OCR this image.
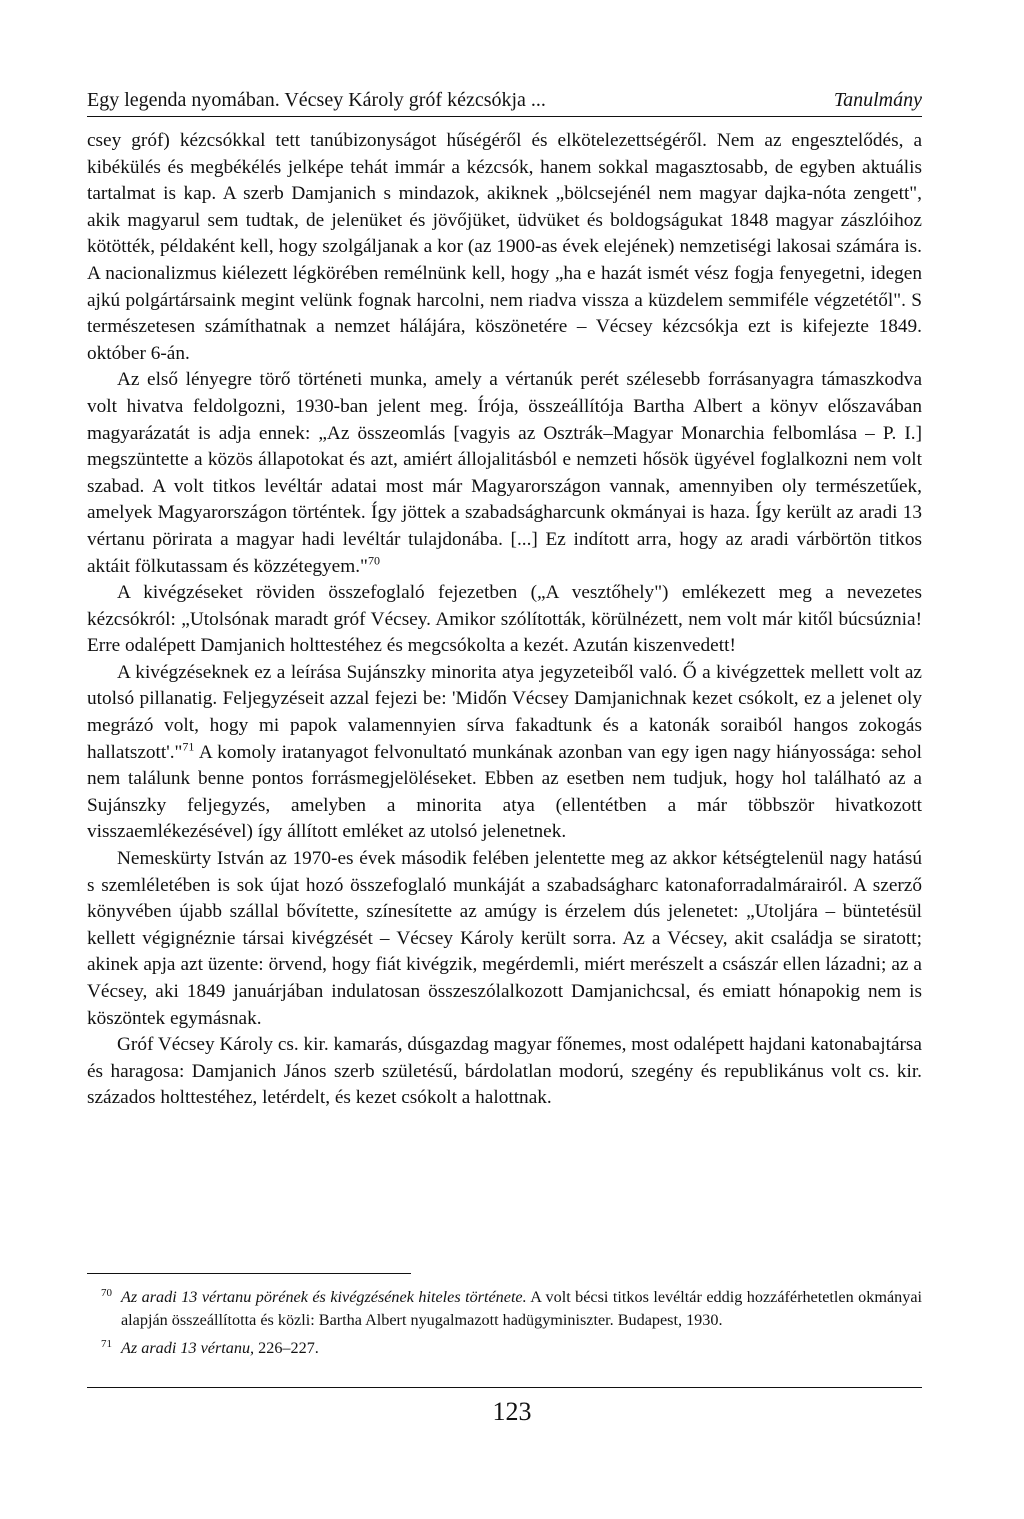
Egy legenda nyomában. Vécsey Károly gróf kézcsókja ...	Tanulmány

csey gróf) kézcsókkal tett tanúbizonyságot hűségéről és elkötelezettségéről. Nem az engesztelődés, a kibékülés és megbékélés jelképe tehát immár a kézcsók, hanem sokkal magasztosabb, de egyben aktuális tartalmat is kap. A szerb Damjanich s mindazok, akiknek „bölcsejénél nem magyar dajka-nóta zengett", akik magyarul sem tudtak, de jelenüket és jövőjüket, üdvüket és boldogságukat 1848 magyar zászlóihoz kötötték, példaként kell, hogy szolgáljanak a kor (az 1900-as évek elejének) nemzetiségi lakosai számára is. A nacionalizmus kiélezett légkörében remélnünk kell, hogy „ha e hazát ismét vész fogja fenyegetni, idegen ajkú polgártársaink megint velünk fognak harcolni, nem riadva vissza a küzdelem semmiféle végzetétől". S természetesen számíthatnak a nemzet hálájára, köszönetére – Vécsey kézcsókja ezt is kifejezte 1849. október 6-án.

Az első lényegre törő történeti munka, amely a vértanúk perét szélesebb forrásanyagra támaszkodva volt hivatva feldolgozni, 1930-ban jelent meg. Írója, összeállítója Bartha Albert a könyv előszavában magyarázatát is adja ennek: „Az összeomlás [vagyis az Osztrák–Magyar Monarchia felbomlása – P. I.] megszüntette a közös állapotokat és azt, amiért állojalitásból e nemzeti hősök ügyével foglalkozni nem volt szabad. A volt titkos levéltár adatai most már Magyarországon vannak, amennyiben oly természetűek, amelyek Magyarországon történtek. Így jöttek a szabadságharcunk okmányai is haza. Így került az aradi 13 vértanu pörirata a magyar hadi levéltár tulajdonába. [...] Ez indított arra, hogy az aradi várbörtön titkos aktáit fölkutassam és közzétegyem."$^{70}$

A kivégzéseket röviden összefoglaló fejezetben („A vesztőhely") emlékezett meg a nevezetes kézcsókról: „Utolsónak maradt gróf Vécsey. Amikor szólították, körülnézett, nem volt már kitől búcsúznia! Erre odalépett Damjanich holttestéhez és megcsókolta a kezét. Azután kiszenvedett!

A kivégzéseknek ez a leírása Sujánszky minorita atya jegyzeteiből való. Ő a kivégzettek mellett volt az utolsó pillanatig. Feljegyzéseit azzal fejezi be: 'Midőn Vécsey Damjanichnak kezet csókolt, ez a jelenet oly megrázó volt, hogy mi papok valamennyien sírva fakadtunk és a katonák soraiból hangos zokogás hallatszott'."$^{71}$ A komoly iratanyagot felvonultató munkának azonban van egy igen nagy hiányossága: sehol nem találunk benne pontos forrásmegjelöléseket. Ebben az esetben nem tudjuk, hogy hol található az a Sujánszky feljegyzés, amelyben a minorita atya (ellentétben a már többször hivatkozott visszaemlékezésével) így állított emléket az utolsó jelenetnek.

Nemeskürty István az 1970-es évek második felében jelentette meg az akkor kétségtelenül nagy hatású s szemléletében is sok újat hozó összefoglaló munkáját a szabadságharc katonaforradalmárairól. A szerző könyvében újabb szállal bővítette, színesítette az amúgy is érzelem dús jelenetet: „Utoljára – büntetésül kellett végignéznie társai kivégzését – Vécsey Károly került sorra. Az a Vécsey, akit családja se siratott; akinek apja azt üzente: örvend, hogy fiát kivégzik, megérdemli, miért merészelt a császár ellen lázadni; az a Vécsey, aki 1849 januárjában indulatosan összeszólalkozott Damjanichcsal, és emiatt hónapokig nem is köszöntek egymásnak.

Gróf Vécsey Károly cs. kir. kamarás, dúsgazdag magyar főnemes, most odalépett hajdani katonabajtársa és haragosa: Damjanich János szerb születésű, bárdolatlan modorú, szegény és republikánus volt cs. kir. százados holttestéhez, letérdelt, és kezet csókolt a halottnak.

70 Az aradi 13 vértanu pörének és kivégzésének hiteles története. A volt bécsi titkos levéltár eddig hozzáférhetetlen okmányai alapján összeállította és közli: Bartha Albert nyugalmazott hadügyminiszter. Budapest, 1930.
71 Az aradi 13 vértanu, 226–227.
123
